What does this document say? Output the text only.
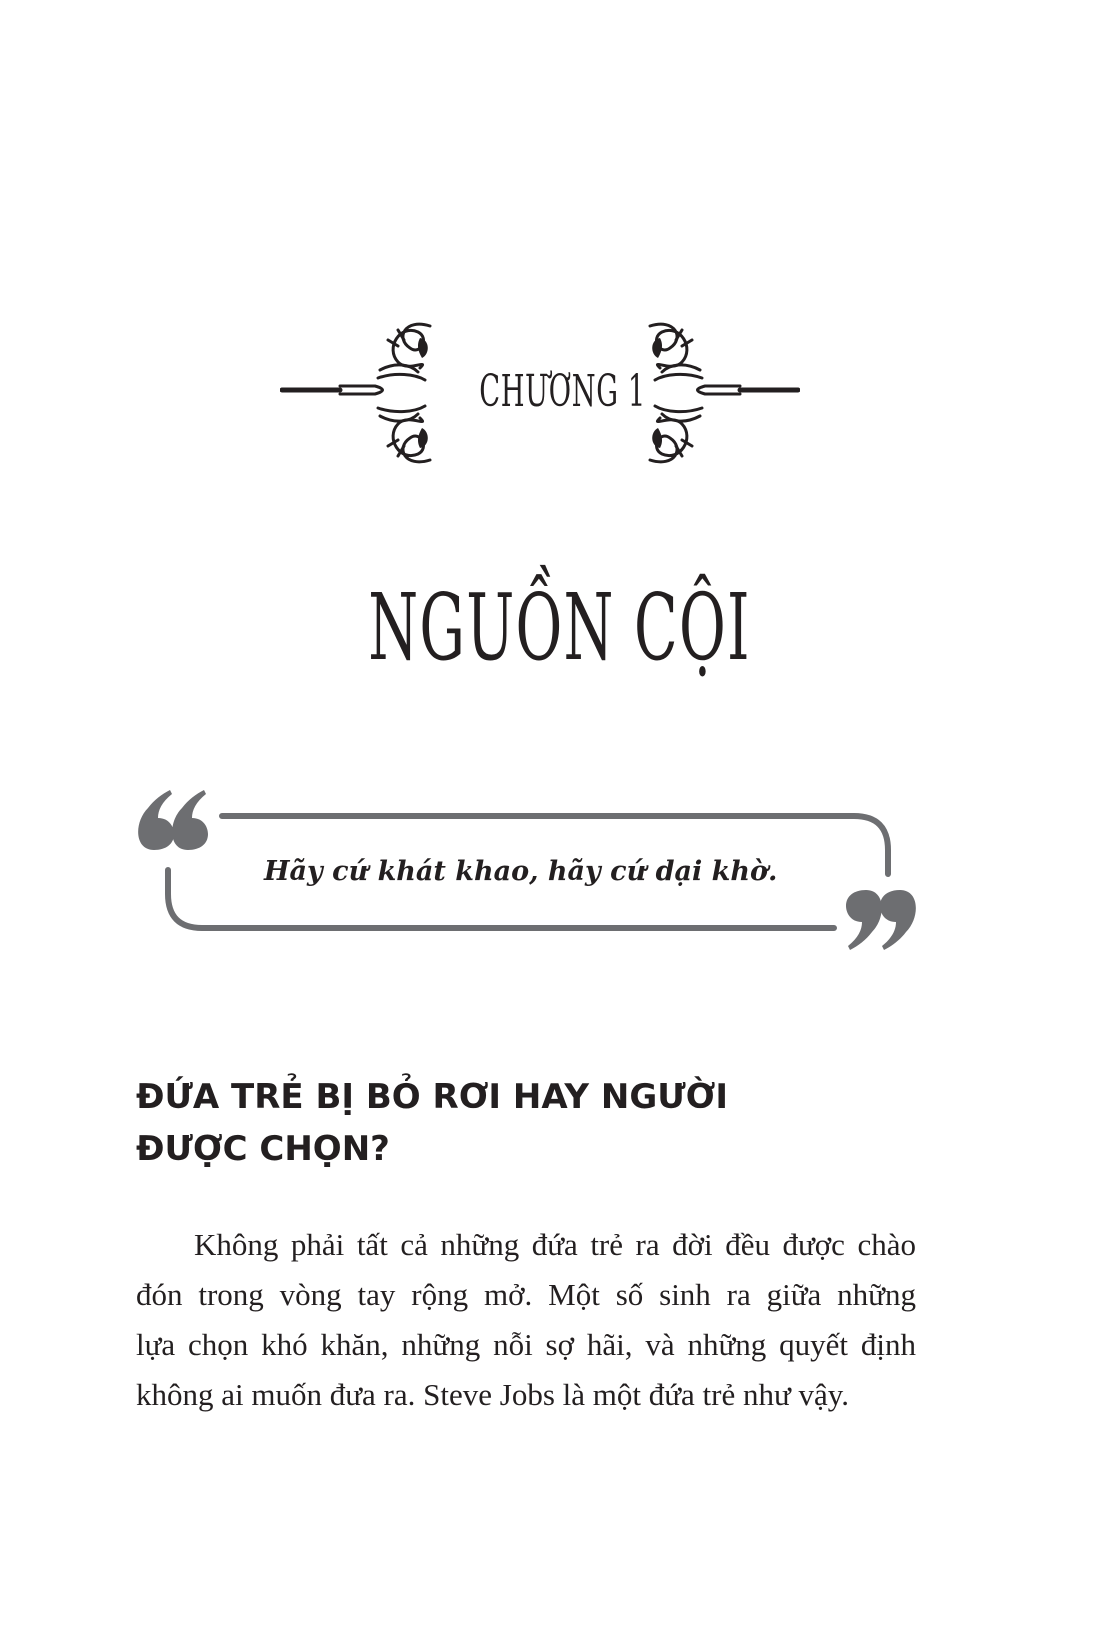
CHƯƠNG 1
NGUỒN CỘI
Hãy cứ khát khao, hãy cứ dại khờ.
ĐỨA TRẺ BỊ BỎ RƠI HAY NGƯỜI
ĐƯỢC CHỌN?
Không phải tất cả những đứa trẻ ra đời đều được chào
đón trong vòng tay rộng mở. Một số sinh ra giữa những
lựa chọn khó khăn, những nỗi sợ hãi, và những quyết định
không ai muốn đưa ra. Steve Jobs là một đứa trẻ như vậy.
